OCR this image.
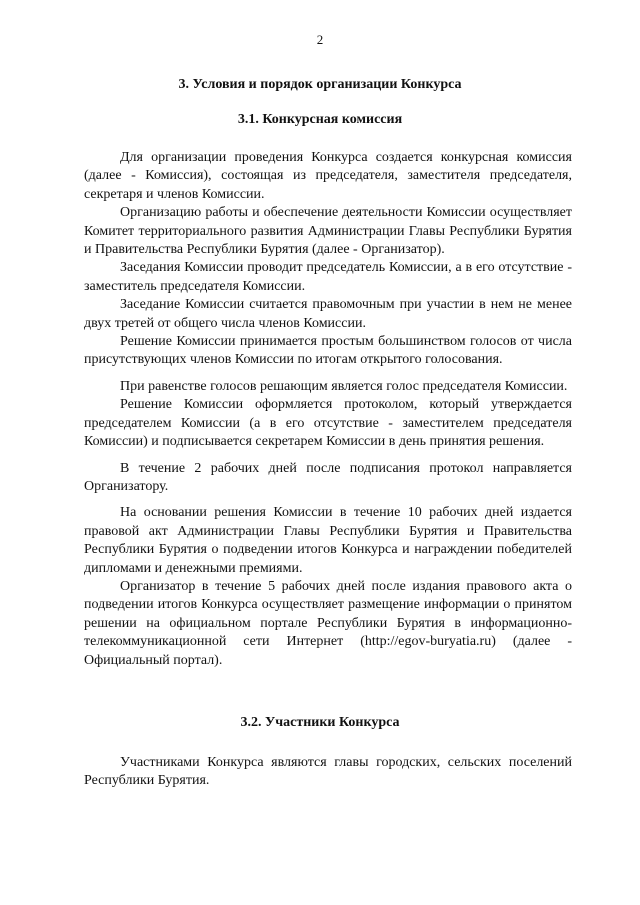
2
3. Условия и порядок организации Конкурса
3.1. Конкурсная комиссия

Для организации проведения Конкурса создается конкурсная комиссия (далее - Комиссия), состоящая из председателя, заместителя председателя, секретаря и членов Комиссии.

Организацию работы и обеспечение деятельности Комиссии осуществляет Комитет территориального развития Администрации Главы Республики Бурятия и Правительства Республики Бурятия (далее - Организатор).

Заседания Комиссии проводит председатель Комиссии, а в его отсутствие - заместитель председателя Комиссии.

Заседание Комиссии считается правомочным при участии в нем не менее двух третей от общего числа членов Комиссии.

Решение Комиссии принимается простым большинством голосов от числа присутствующих членов Комиссии по итогам открытого голосования.

При равенстве голосов решающим является голос председателя Комиссии.

Решение Комиссии оформляется протоколом, который утверждается председателем Комиссии (а в его отсутствие - заместителем председателя Комиссии) и подписывается секретарем Комиссии в день принятия решения.

В течение 2 рабочих дней после подписания протокол направляется Организатору.

На основании решения Комиссии в течение 10 рабочих дней издается правовой акт Администрации Главы Республики Бурятия и Правительства Республики Бурятия о подведении итогов Конкурса и награждении победителей дипломами и денежными премиями.

Организатор в течение 5 рабочих дней после издания правового акта о подведении итогов Конкурса осуществляет размещение информации о принятом решении на официальном портале Республики Бурятия в информационно-телекоммуникационной сети Интернет (http://egov-buryatia.ru) (далее - Официальный портал).

3.2. Участники Конкурса

Участниками Конкурса являются главы городских, сельских поселений Республики Бурятия.
